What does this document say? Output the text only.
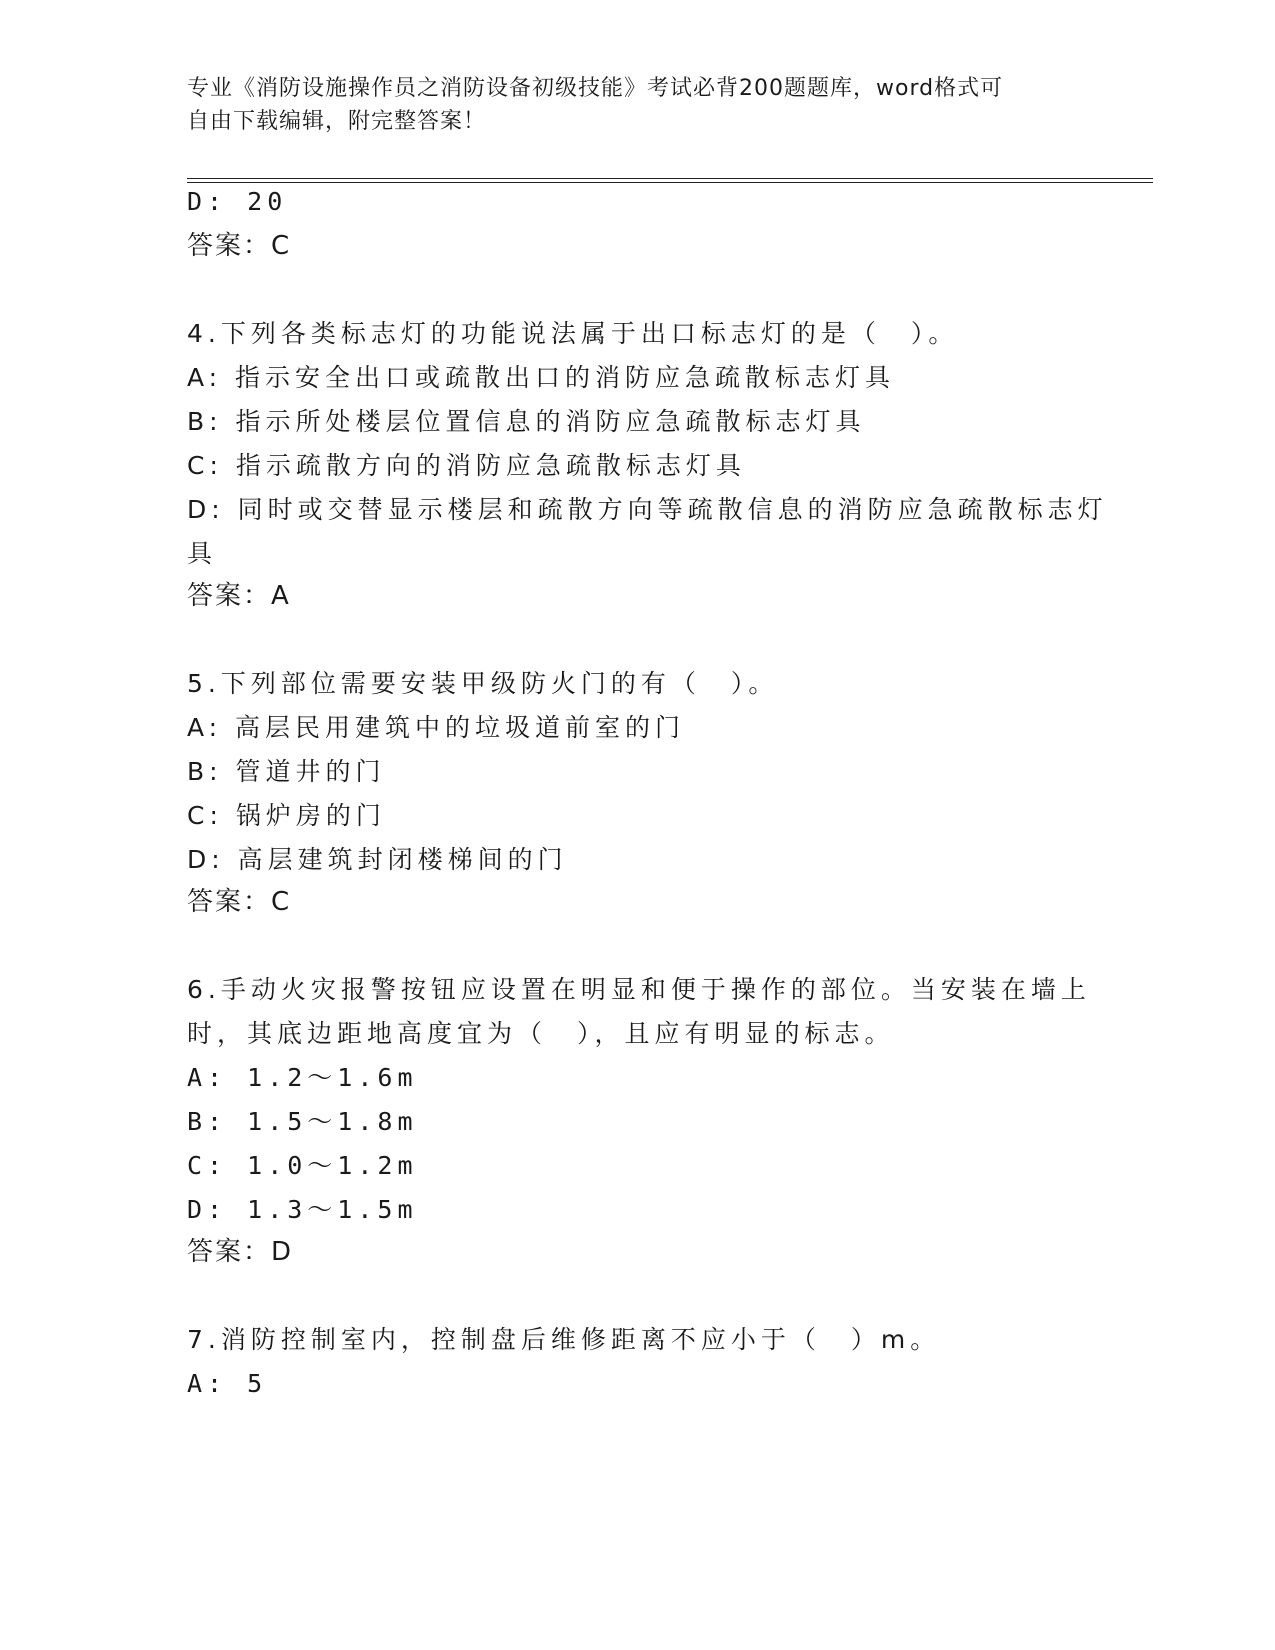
专业《消防设施操作员之消防设备初级技能》考试必背200题题库，word格式可
自由下载编辑，附完整答案！
D: 20
答案：C
4.下列各类标志灯的功能说法属于出口标志灯的是（　）。
A: 指示安全出口或疏散出口的消防应急疏散标志灯具
B: 指示所处楼层位置信息的消防应急疏散标志灯具
C: 指示疏散方向的消防应急疏散标志灯具
D: 同时或交替显示楼层和疏散方向等疏散信息的消防应急疏散标志灯
具
答案：A
5.下列部位需要安装甲级防火门的有（　）。
A: 高层民用建筑中的垃圾道前室的门
B: 管道井的门
C: 锅炉房的门
D: 高层建筑封闭楼梯间的门
答案：C
6.手动火灾报警按钮应设置在明显和便于操作的部位。当安装在墙上
时，其底边距地高度宜为（　），且应有明显的标志。
A: 1.2～1.6m
B: 1.5～1.8m
C: 1.0～1.2m
D: 1.3～1.5m
答案：D
7.消防控制室内，控制盘后维修距离不应小于（　）m。
A: 5
